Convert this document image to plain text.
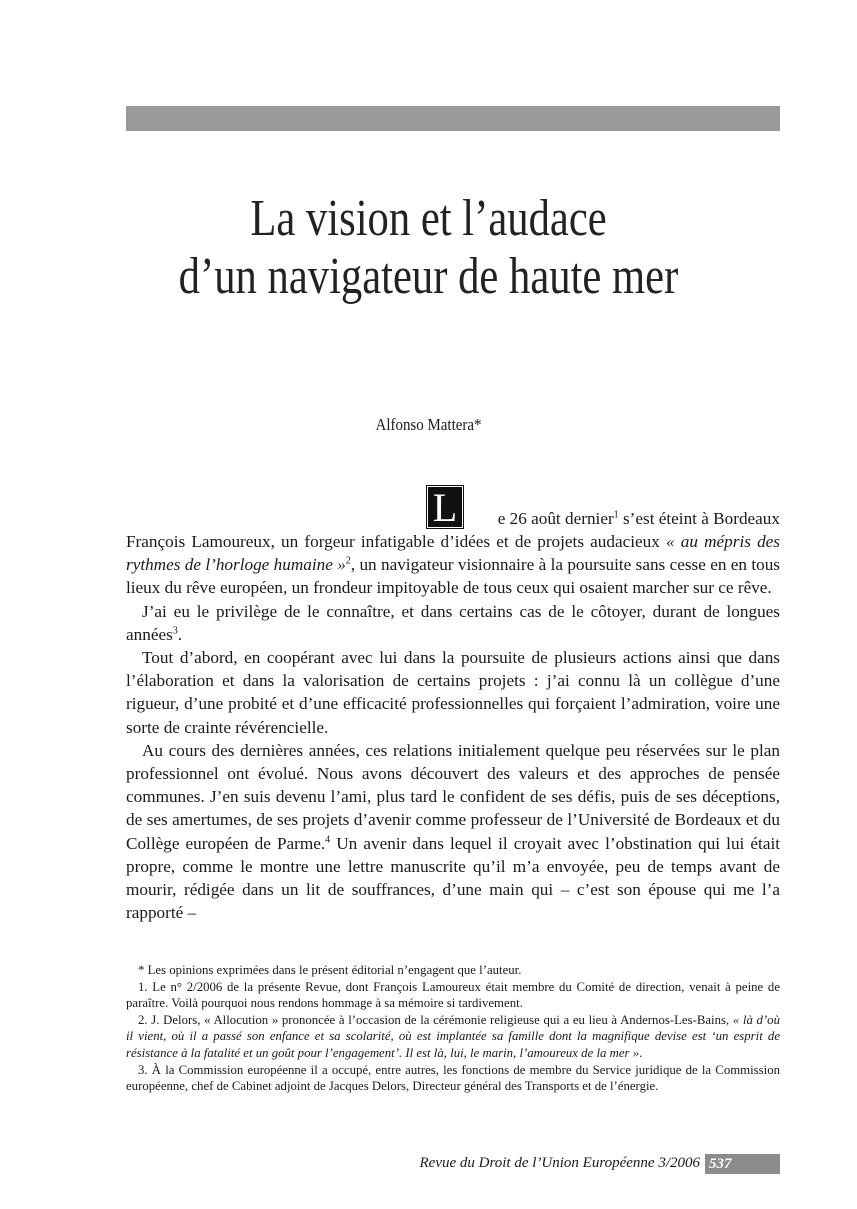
La vision et l’audace
d’un navigateur de haute mer
Alfonso Mattera*
L e 26 août dernier$^1$ s’est éteint à Bordeaux

François Lamoureux, un forgeur infatigable d’idées et de projets audacieux « au mépris des rythmes de l’horloge humaine »$^2$, un navigateur visionnaire à la poursuite sans cesse en en tous lieux du rêve européen, un frondeur impitoyable de tous ceux qui osaient marcher sur ce rêve.

J’ai eu le privilège de le connaître, et dans certains cas de le côtoyer, durant de longues années$^3$.

Tout d’abord, en coopérant avec lui dans la poursuite de plusieurs actions ainsi que dans l’élaboration et dans la valorisation de certains projets : j’ai connu là un collègue d’une rigueur, d’une probité et d’une efficacité professionnelles qui forçaient l’admiration, voire une sorte de crainte révérencielle.

Au cours des dernières années, ces relations initialement quelque peu réservées sur le plan professionnel ont évolué. Nous avons découvert des valeurs et des approches de pensée communes. J’en suis devenu l’ami, plus tard le confident de ses défis, puis de ses déceptions, de ses amertumes, de ses projets d’avenir comme professeur de l’Université de Bordeaux et du Collège européen de Parme.$^4$ Un avenir dans lequel il croyait avec l’obstination qui lui était propre, comme le montre une lettre manuscrite qu’il m’a envoyée, peu de temps avant de mourir, rédigée dans un lit de souffrances, d’une main qui – c’est son épouse qui me l’a rapporté –

* Les opinions exprimées dans le présent éditorial n’engagent que l’auteur.

1. Le n° 2/2006 de la présente Revue, dont François Lamoureux était membre du Comité de direction, venait à peine de paraître. Voilà pourquoi nous rendons hommage à sa mémoire si tardivement.

2. J. Delors, « Allocution » prononcée à l’occasion de la cérémonie religieuse qui a eu lieu à Andernos-Les-Bains, « là d’où il vient, où il a passé son enfance et sa scolarité, où est implantée sa famille dont la magnifique devise est ‘un esprit de résistance à la fatalité et un goût pour l’engagement’. Il est là, lui, le marin, l’amoureux de la mer ».

3. À la Commission européenne il a occupé, entre autres, les fonctions de membre du Service juridique de la Commission européenne, chef de Cabinet adjoint de Jacques Delors, Directeur général des Transports et de l’énergie.

Revue du Droit de l’Union Européenne 3/2006 537
